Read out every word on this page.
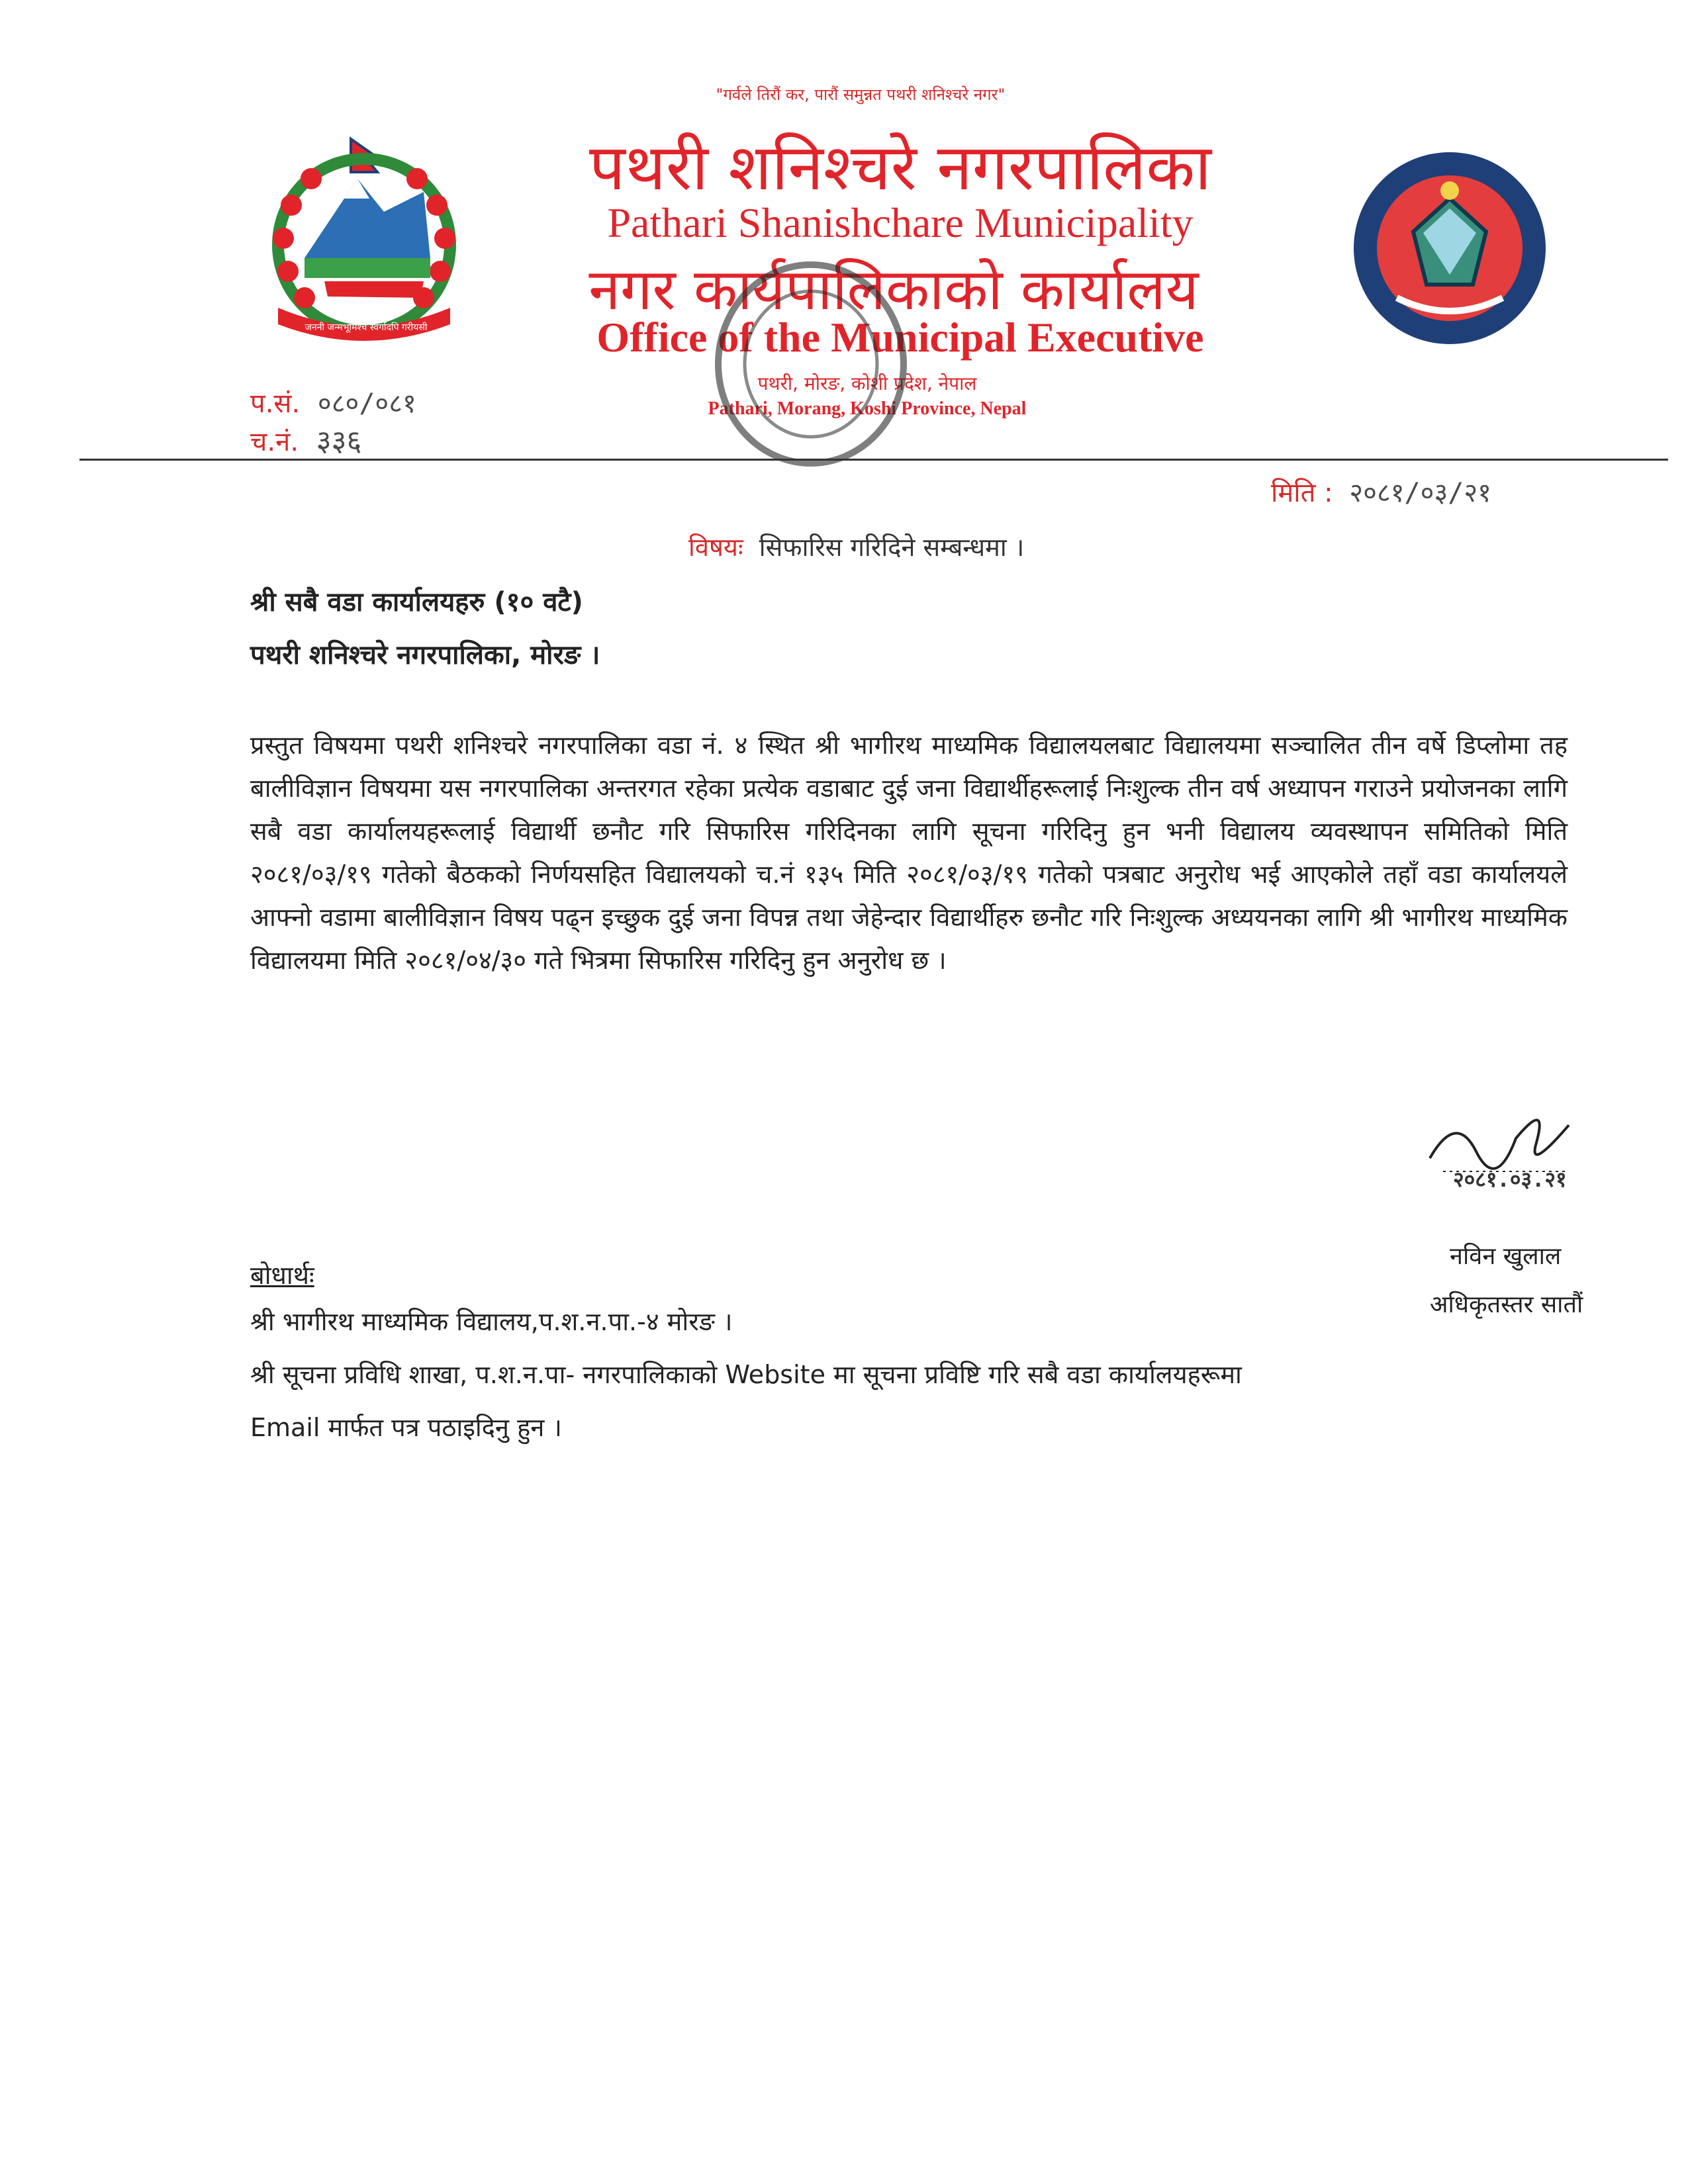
"गर्वले तिरौं कर, पारौं समुन्नत पथरी शनिश्चरे नगर"
जननी जन्मभूमिश्च स्वर्गादपि गरीयसी
पथरी शनिश्चरे नगरपालिका
Pathari Shanishchare Municipality
नगर कार्यपालिकाको कार्यालय
Office of the Municipal Executive
पथरी, मोरङ, कोशी प्रदेश, नेपाल
Pathari, Morang, Koshi Province, Nepal
प.सं. ०८०/०८१
च.नं. ३३६
मिति : २०८१/०३/२१
विषयः सिफारिस गरिदिने सम्बन्धमा ।
श्री सबै वडा कार्यालयहरु (१० वटै)
पथरी शनिश्चरे नगरपालिका, मोरङ ।
प्रस्तुत विषयमा पथरी शनिश्चरे नगरपालिका वडा नं. ४ स्थित श्री भागीरथ माध्यमिक विद्यालयलबाट विद्यालयमा सञ्चालित तीन वर्षे डिप्लोमा तह बालीविज्ञान विषयमा यस नगरपालिका अन्तरगत रहेका प्रत्येक वडाबाट दुई जना विद्यार्थीहरूलाई निःशुल्क तीन वर्ष अध्यापन गराउने प्रयोजनका लागि सबै वडा कार्यालयहरूलाई विद्यार्थी छनौट गरि सिफारिस गरिदिनका लागि सूचना गरिदिनु हुन भनी विद्यालय व्यवस्थापन समितिको मिति २०८१/०३/१९ गतेको बैठकको निर्णयसहित विद्यालयको च.नं १३५ मिति २०८१/०३/१९ गतेको पत्रबाट अनुरोध भई आएकोले तहाँ वडा कार्यालयले आफ्नो वडामा बालीविज्ञान विषय पढ्न इच्छुक दुई जना विपन्न तथा जेहेन्दार विद्यार्थीहरु छनौट गरि निःशुल्क अध्ययनका लागि श्री भागीरथ माध्यमिक विद्यालयमा मिति २०८१/०४/३० गते भित्रमा सिफारिस गरिदिनु हुन अनुरोध छ ।
२०८१.०३.२१
नविन खुलाल
अधिकृतस्तर सातौं
बोधार्थः
श्री भागीरथ माध्यमिक विद्यालय,प.श.न.पा.-४ मोरङ ।
श्री सूचना प्रविधि शाखा, प.श.न.पा- नगरपालिकाको Website मा सूचना प्रविष्टि गरि सबै वडा कार्यालयहरूमा
Email मार्फत पत्र पठाइदिनु हुन ।
